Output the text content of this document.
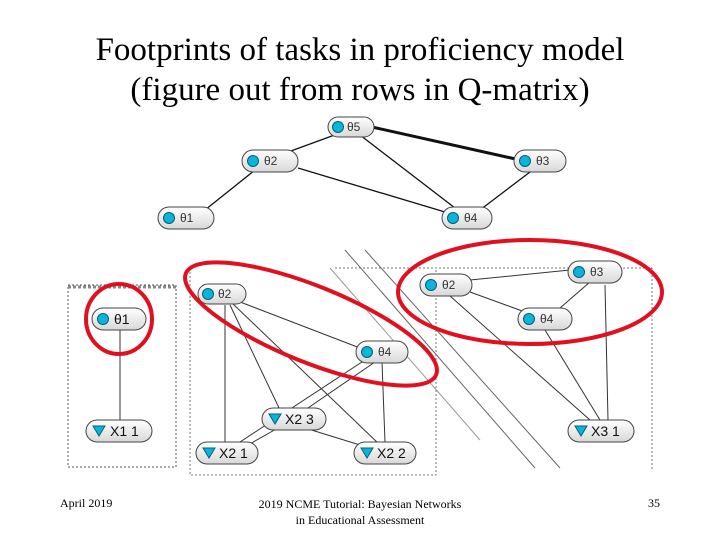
Footprints of tasks in proficiency model
(figure out from rows in Q-matrix)
θ5
θ2	θ3
θ1	θ4
θ1
X1 1
θ2
θ4
X2 3
X2 1	X2 2
θ2
θ3
θ4
X3 1
April 2019	2019 NCME Tutorial: Bayesian Networks
in Educational Assessment
35
